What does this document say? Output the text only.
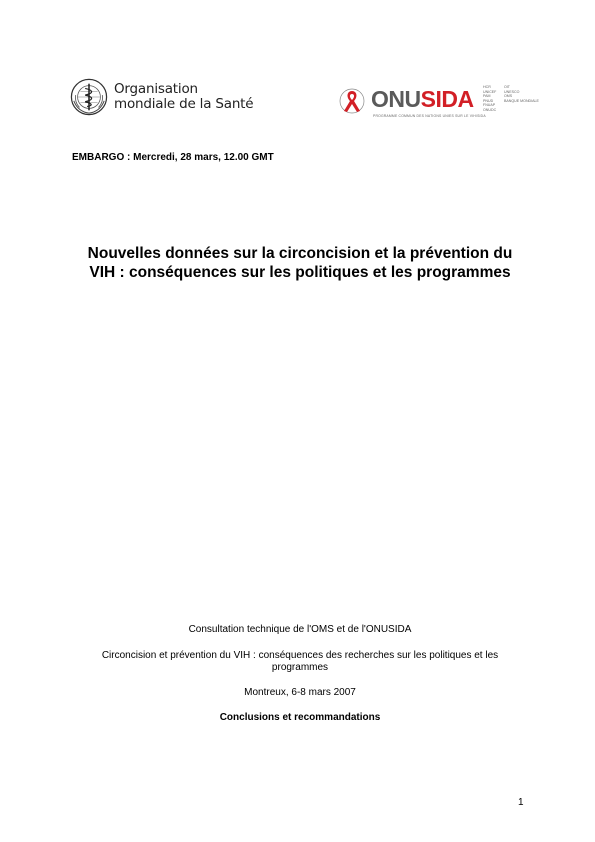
Organisation
mondiale de la Santé	ONUSIDA	HCR
UNICEF
PAM
PNUD
FNUAP
ONUDC
OIT
UNESCO
OMS
BANQUE MONDIALE
PROGRAMME COMMUN DES NATIONS UNIES SUR LE VIH/SIDA
EMBARGO : Mercredi, 28 mars, 12.00 GMT
Nouvelles données sur la circoncision et la prévention du
VIH : conséquences sur les politiques et les programmes
Consultation technique de l'OMS et de l'ONUSIDA
Circoncision et prévention du VIH : conséquences des recherches sur les politiques et les
programmes
Montreux, 6-8 mars 2007
Conclusions et recommandations
1
